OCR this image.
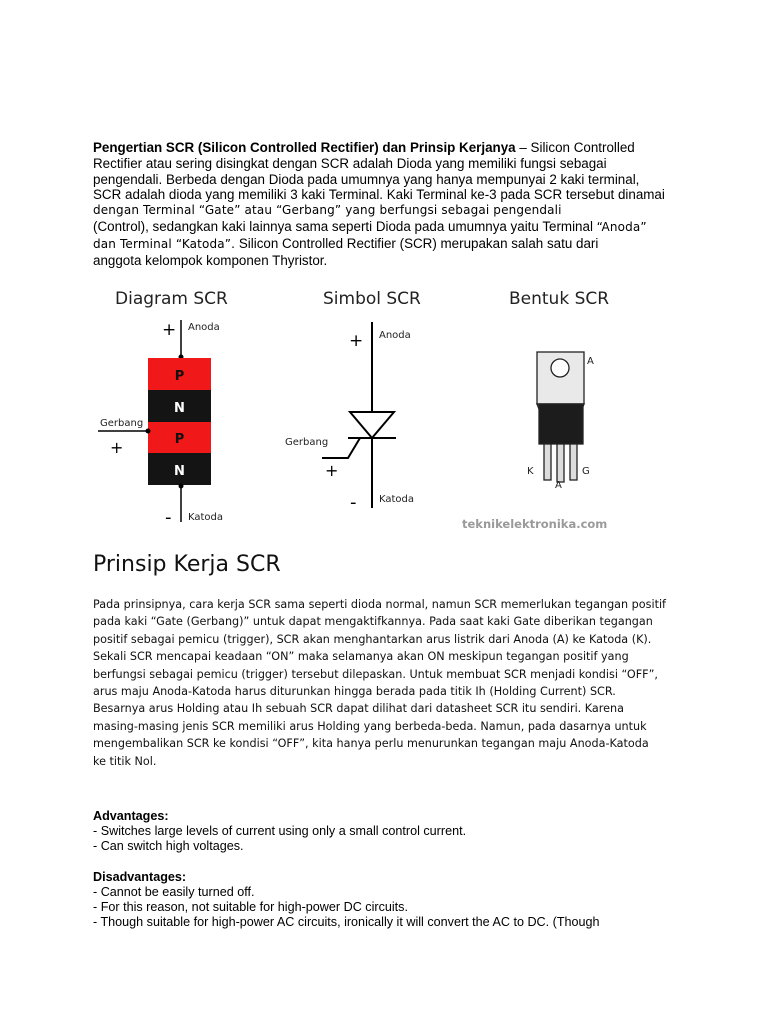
Pengertian SCR (Silicon Controlled Rectifier) dan Prinsip Kerjanya – Silicon Controlled

Rectifier atau sering disingkat dengan SCR adalah Dioda yang memiliki fungsi sebagai

pengendali. Berbeda dengan Dioda pada umumnya yang hanya mempunyai 2 kaki terminal,

SCR adalah dioda yang memiliki 3 kaki Terminal. Kaki Terminal ke-3 pada SCR tersebut dinamai

dengan Terminal “Gate” atau “Gerbang” yang berfungsi sebagai pengendali

(Control), sedangkan kaki lainnya sama seperti Dioda pada umumnya yaitu Terminal “Anoda”

dan Terminal “Katoda”. Silicon Controlled Rectifier (SCR) merupakan salah satu dari

anggota kelompok komponen Thyristor.

Diagram SCR	Simbol SCR	Bentuk SCR
+ Anoda
P
N
P
N
Gerbang
+
- Katoda
+ Anoda
Gerbang
+
- Katoda
A
K
A
G
teknikelektronika.com
Prinsip Kerja SCR
Pada prinsipnya, cara kerja SCR sama seperti dioda normal, namun SCR memerlukan tegangan positif
pada kaki “Gate (Gerbang)” untuk dapat mengaktifkannya. Pada saat kaki Gate diberikan tegangan
positif sebagai pemicu (trigger), SCR akan menghantarkan arus listrik dari Anoda (A) ke Katoda (K).
Sekali SCR mencapai keadaan “ON” maka selamanya akan ON meskipun tegangan positif yang
berfungsi sebagai pemicu (trigger) tersebut dilepaskan. Untuk membuat SCR menjadi kondisi “OFF”,
arus maju Anoda-Katoda harus diturunkan hingga berada pada titik Ih (Holding Current) SCR.
Besarnya arus Holding atau Ih sebuah SCR dapat dilihat dari datasheet SCR itu sendiri. Karena
masing-masing jenis SCR memiliki arus Holding yang berbeda-beda. Namun, pada dasarnya untuk
mengembalikan SCR ke kondisi “OFF”, kita hanya perlu menurunkan tegangan maju Anoda-Katoda
ke titik Nol.
Advantages:
- Switches large levels of current using only a small control current.
- Can switch high voltages.
Disadvantages:
- Cannot be easily turned off.
- For this reason, not suitable for high-power DC circuits.
- Though suitable for high-power AC circuits, ironically it will convert the AC to DC. (Though
